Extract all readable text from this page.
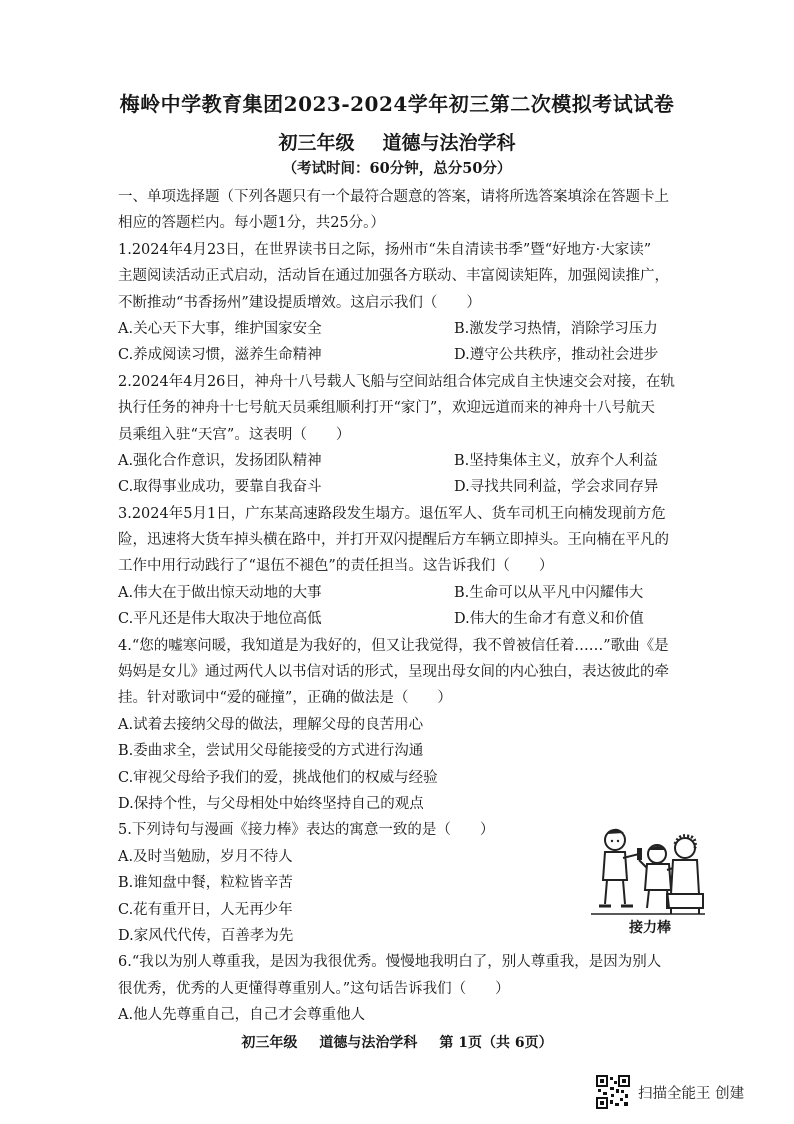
梅岭中学教育集团2023-2024学年初三第二次模拟考试试卷
初三年级 道德与法治学科
（考试时间：60分钟，总分50分）
一、单项选择题（下列各题只有一个最符合题意的答案，请将所选答案填涂在答题卡上
相应的答题栏内。每小题1分，共25分。）
1.2024年4月23日，在世界读书日之际，扬州市“朱自清读书季”暨“好地方·大家读”
主题阅读活动正式启动，活动旨在通过加强各方联动、丰富阅读矩阵，加强阅读推广，
不断推动“书香扬州”建设提质增效。这启示我们（　　）
A.关心天下大事，维护国家安全	B.激发学习热情，消除学习压力
C.养成阅读习惯，滋养生命精神	D.遵守公共秩序，推动社会进步
2.2024年4月26日，神舟十八号载人飞船与空间站组合体完成自主快速交会对接，在轨
执行任务的神舟十七号航天员乘组顺利打开“家门”，欢迎远道而来的神舟十八号航天
员乘组入驻“天宫”。这表明（　　）
A.强化合作意识，发扬团队精神	B.坚持集体主义，放弃个人利益
C.取得事业成功，要靠自我奋斗	D.寻找共同利益，学会求同存异
3.2024年5月1日，广东某高速路段发生塌方。退伍军人、货车司机王向楠发现前方危
险，迅速将大货车掉头横在路中，并打开双闪提醒后方车辆立即掉头。王向楠在平凡的
工作中用行动践行了“退伍不褪色”的责任担当。这告诉我们（　　）
A.伟大在于做出惊天动地的大事	B.生命可以从平凡中闪耀伟大
C.平凡还是伟大取决于地位高低	D.伟大的生命才有意义和价值
4.“您的嘘寒问暖，我知道是为我好的，但又让我觉得，我不曾被信任着……”歌曲《是
妈妈是女儿》通过两代人以书信对话的形式，呈现出母女间的内心独白，表达彼此的牵
挂。针对歌词中“爱的碰撞”，正确的做法是（　　）
A.试着去接纳父母的做法，理解父母的良苦用心
B.委曲求全，尝试用父母能接受的方式进行沟通
C.审视父母给予我们的爱，挑战他们的权威与经验
D.保持个性，与父母相处中始终坚持自己的观点
5.下列诗句与漫画《接力棒》表达的寓意一致的是（　　）
A.及时当勉励，岁月不待人
B.谁知盘中餐，粒粒皆辛苦
C.花有重开日，人无再少年
D.家风代代传，百善孝为先
6.“我以为别人尊重我，是因为我很优秀。慢慢地我明白了，别人尊重我，是因为别人
很优秀，优秀的人更懂得尊重别人。”这句话告诉我们（　　）
A.他人先尊重自己，自己才会尊重他人
接力棒
初三年级 道德与法治学科 第 1页（共 6页）
扫描全能王 创建
